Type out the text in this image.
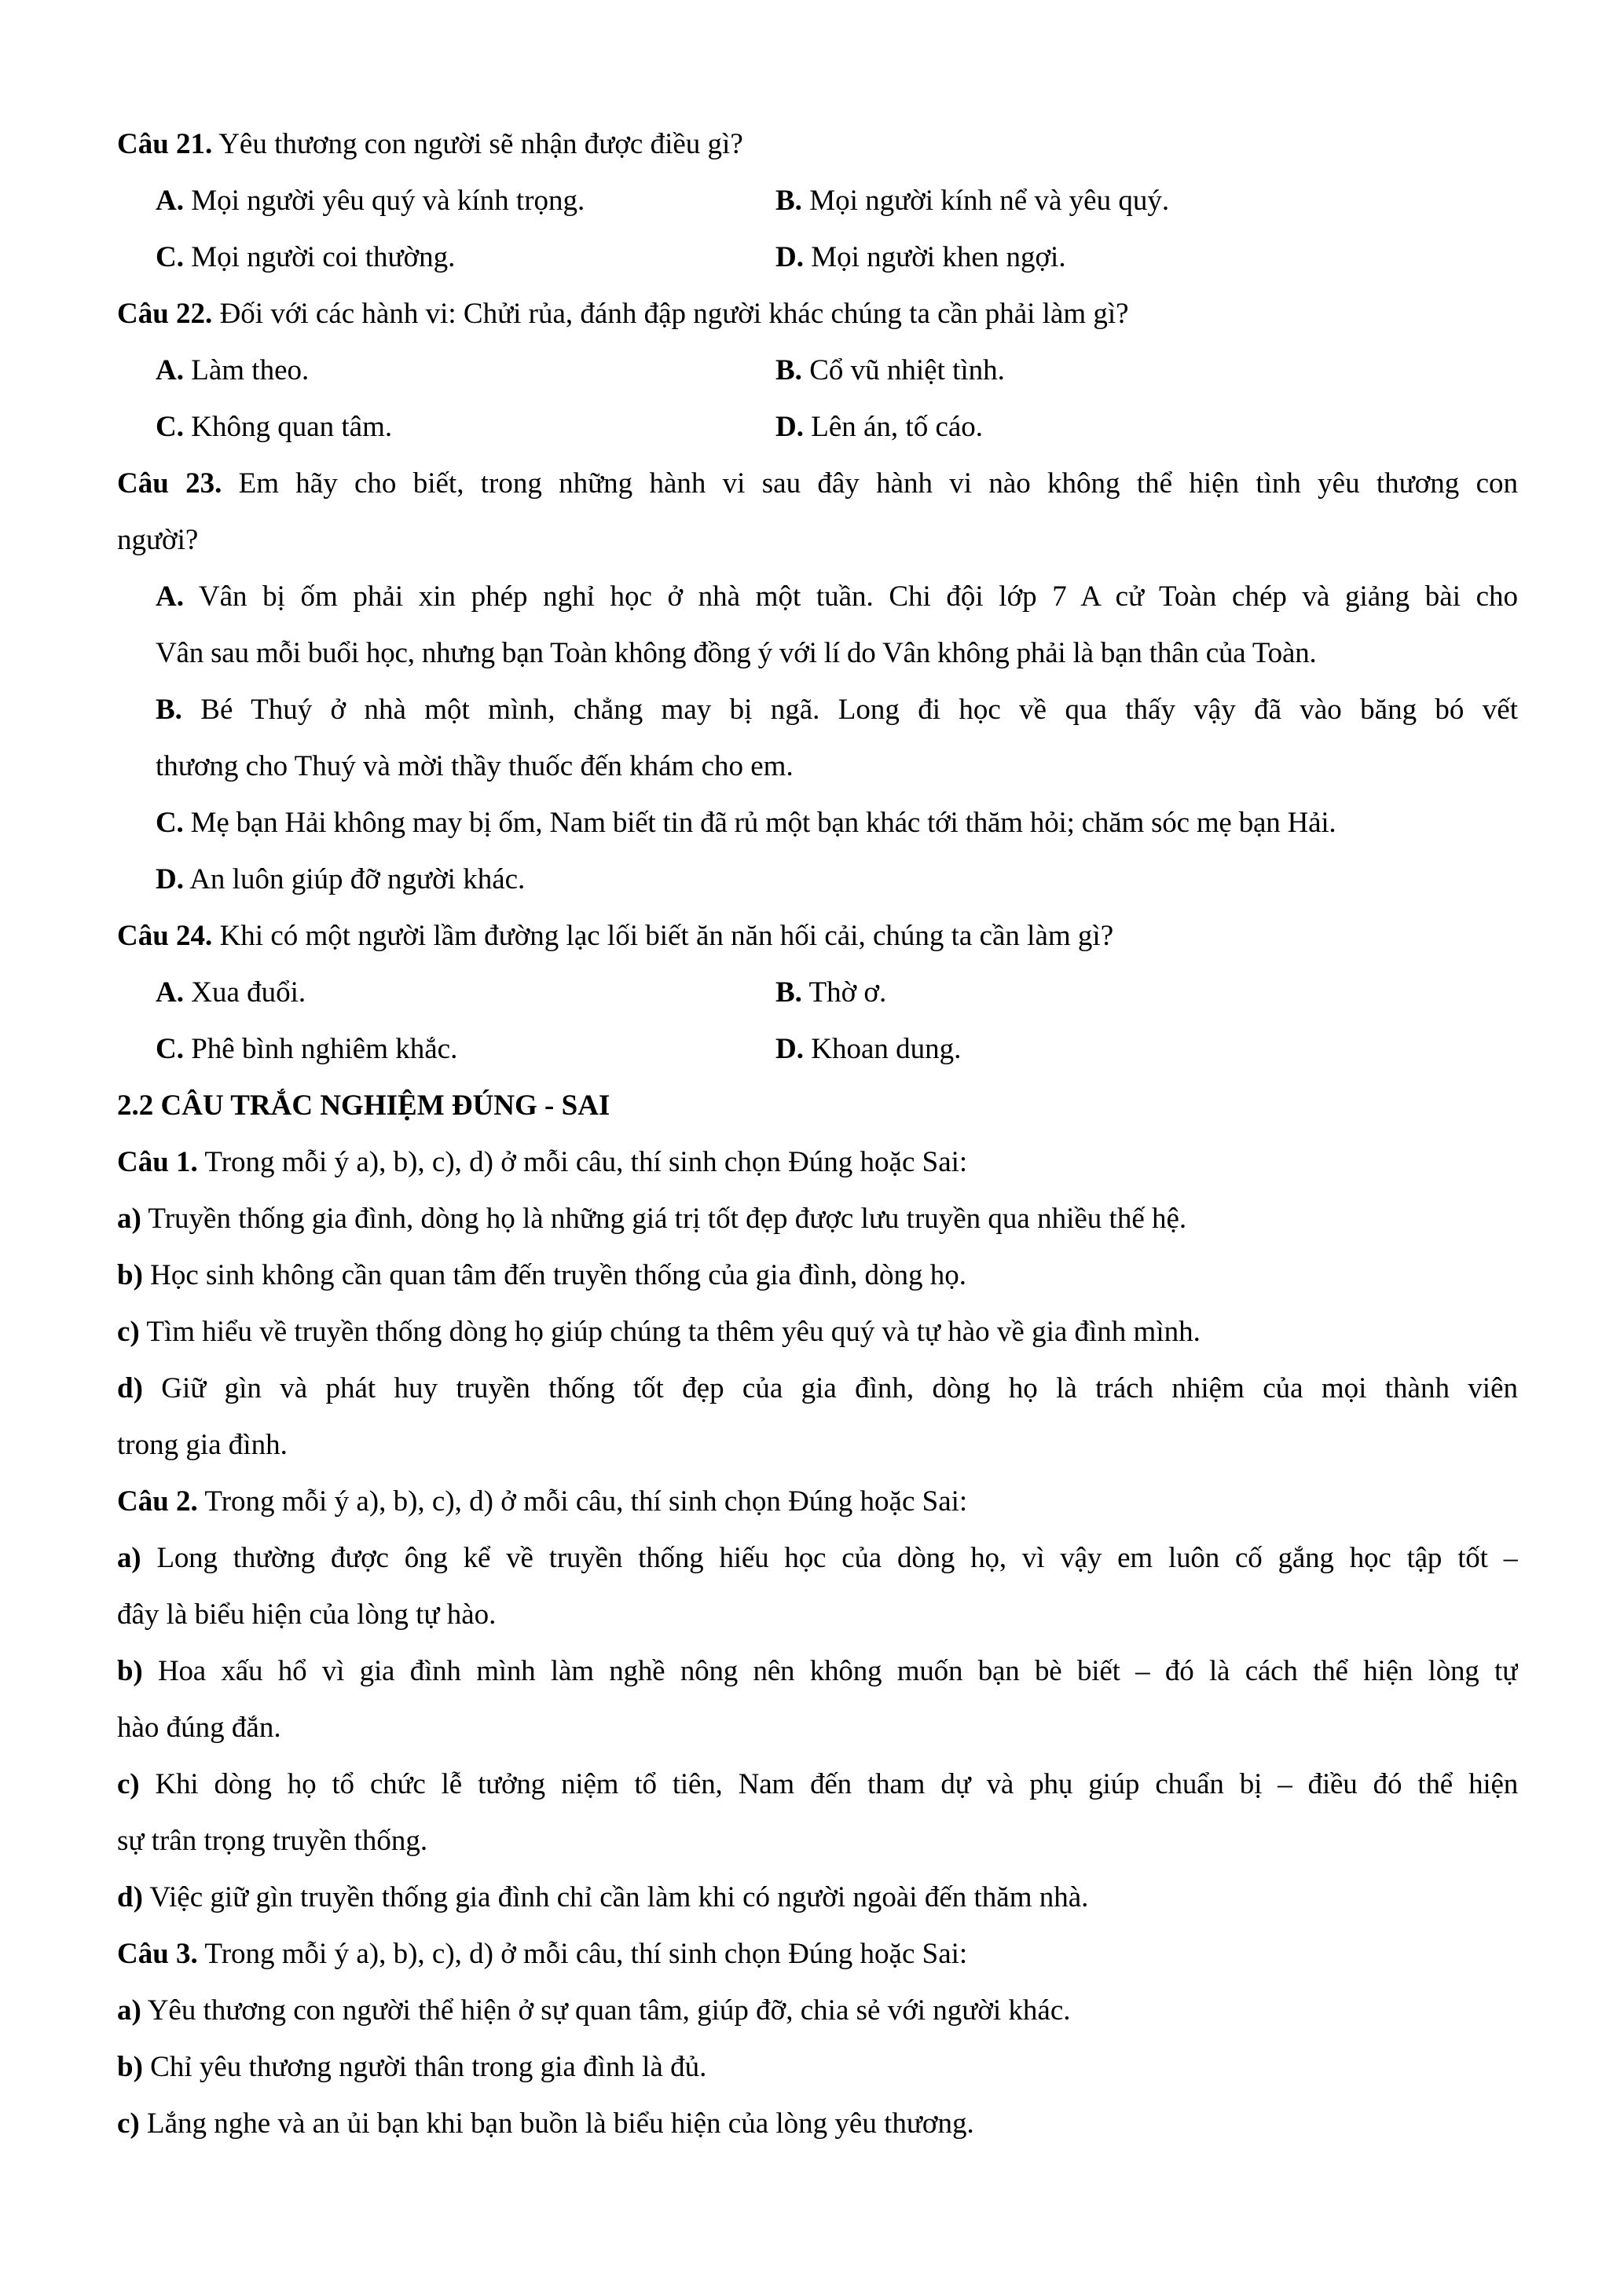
Câu 21. Yêu thương con người sẽ nhận được điều gì?
A. Mọi người yêu quý và kính trọng.	B. Mọi người kính nể và yêu quý.
C. Mọi người coi thường.	D. Mọi người khen ngợi.
Câu 22. Đối với các hành vi: Chửi rủa, đánh đập người khác chúng ta cần phải làm gì?
A. Làm theo.	B. Cổ vũ nhiệt tình.
C. Không quan tâm.	D. Lên án, tố cáo.
Câu 23. Em hãy cho biết, trong những hành vi sau đây hành vi nào không thể hiện tình yêu thương con
người?
A. Vân bị ốm phải xin phép nghỉ học ở nhà một tuần. Chi đội lớp 7 A cử Toàn chép và giảng bài cho
Vân sau mỗi buổi học, nhưng bạn Toàn không đồng ý với lí do Vân không phải là bạn thân của Toàn.
B. Bé Thuý ở nhà một mình, chẳng may bị ngã. Long đi học về qua thấy vậy đã vào băng bó vết
thương cho Thuý và mời thầy thuốc đến khám cho em.
C. Mẹ bạn Hải không may bị ốm, Nam biết tin đã rủ một bạn khác tới thăm hỏi; chăm sóc mẹ bạn Hải.
D. An luôn giúp đỡ người khác.
Câu 24. Khi có một người lầm đường lạc lối biết ăn năn hối cải, chúng ta cần làm gì?
A. Xua đuổi.	B. Thờ ơ.
C. Phê bình nghiêm khắc.	D. Khoan dung.
2.2 CÂU TRẮC NGHIỆM ĐÚNG - SAI
Câu 1. Trong mỗi ý a), b), c), d) ở mỗi câu, thí sinh chọn Đúng hoặc Sai:
a) Truyền thống gia đình, dòng họ là những giá trị tốt đẹp được lưu truyền qua nhiều thế hệ.
b) Học sinh không cần quan tâm đến truyền thống của gia đình, dòng họ.
c) Tìm hiểu về truyền thống dòng họ giúp chúng ta thêm yêu quý và tự hào về gia đình mình.
d) Giữ gìn và phát huy truyền thống tốt đẹp của gia đình, dòng họ là trách nhiệm của mọi thành viên
trong gia đình.
Câu 2. Trong mỗi ý a), b), c), d) ở mỗi câu, thí sinh chọn Đúng hoặc Sai:
a) Long thường được ông kể về truyền thống hiếu học của dòng họ, vì vậy em luôn cố gắng học tập tốt –
đây là biểu hiện của lòng tự hào.
b) Hoa xấu hổ vì gia đình mình làm nghề nông nên không muốn bạn bè biết – đó là cách thể hiện lòng tự
hào đúng đắn.
c) Khi dòng họ tổ chức lễ tưởng niệm tổ tiên, Nam đến tham dự và phụ giúp chuẩn bị – điều đó thể hiện
sự trân trọng truyền thống.
d) Việc giữ gìn truyền thống gia đình chỉ cần làm khi có người ngoài đến thăm nhà.
Câu 3. Trong mỗi ý a), b), c), d) ở mỗi câu, thí sinh chọn Đúng hoặc Sai:
a) Yêu thương con người thể hiện ở sự quan tâm, giúp đỡ, chia sẻ với người khác.
b) Chỉ yêu thương người thân trong gia đình là đủ.
c) Lắng nghe và an ủi bạn khi bạn buồn là biểu hiện của lòng yêu thương.
